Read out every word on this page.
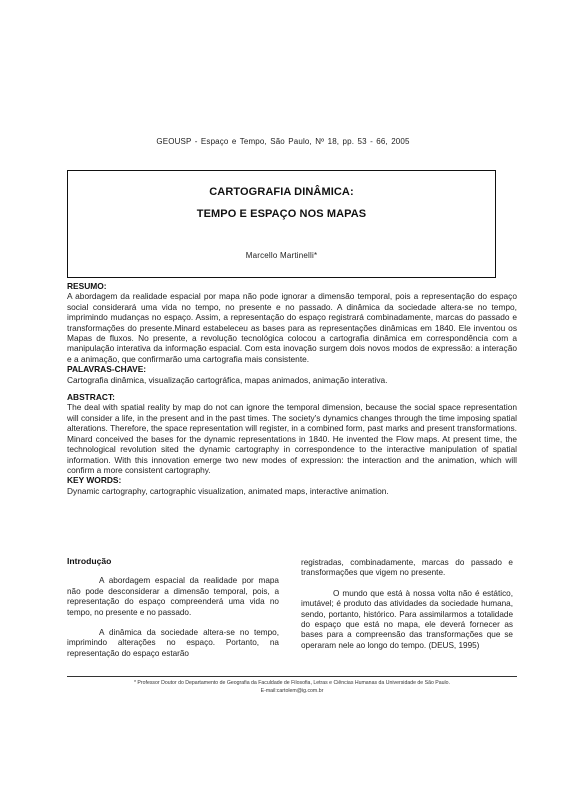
GEOUSP - Espaço e Tempo, São Paulo, Nº 18, pp. 53 - 66, 2005
CARTOGRAFIA DINÂMICA:
TEMPO E ESPAÇO NOS MAPAS
Marcello Martinelli*
RESUMO:

A abordagem da realidade espacial por mapa não pode ignorar a dimensão temporal, pois a representação do espaço social considerará uma vida no tempo, no presente e no passado. A dinâmica da sociedade altera-se no tempo, imprimindo mudanças no espaço. Assim, a representação do espaço registrará combinadamente, marcas do passado e transformações do presente.Minard estabeleceu as bases para as representações dinâmicas em 1840. Ele inventou os Mapas de fluxos. No presente, a revolução tecnológica colocou a cartografia dinâmica em correspondência com a manipulação interativa da informação espacial. Com esta inovação surgem dois novos modos de expressão: a interação e a animação, que confirmarão uma cartografia mais consistente.

PALAVRAS-CHAVE:

Cartografia dinâmica, visualização cartográfica, mapas animados, animação interativa.

ABSTRACT:

The deal with spatial reality by map do not can ignore the temporal dimension, because the social space representation will consider a life, in the present and in the past times. The society's dynamics changes through the time imposing spatial alterations. Therefore, the space representation will register, in a combined form, past marks and present transformations. Minard conceived the bases for the dynamic representations in 1840. He invented the Flow maps. At present time, the technological revolution sited the dynamic cartography in correspondence to the interactive manipulation of spatial information. With this innovation emerge two new modes of expression: the interaction and the animation, which will confirm a more consistent cartography.

KEY WORDS:

Dynamic cartography, cartographic visualization, animated maps, interactive animation.

Introdução

A abordagem espacial da realidade por mapa não pode desconsiderar a dimensão temporal, pois, a representação do espaço compreenderá uma vida no tempo, no presente e no passado.

A dinâmica da sociedade altera-se no tempo, imprimindo alterações no espaço. Portanto, na representação do espaço estarão

registradas, combinadamente, marcas do passado e transformações que vigem no presente.

O mundo que está à nossa volta não é estático, imutável; é produto das atividades da sociedade humana, sendo, portanto, histórico. Para assimilarmos a totalidade do espaço que está no mapa, ele deverá fornecer as bases para a compreensão das transformações que se operaram nele ao longo do tempo. (DEUS, 1995)

* Professor Doutor do Departamento de Geografia da Faculdade de Filosofia, Letras e Ciências Humanas da Universidade de São Paulo.
E-mail:cartolem@ig.com.br
